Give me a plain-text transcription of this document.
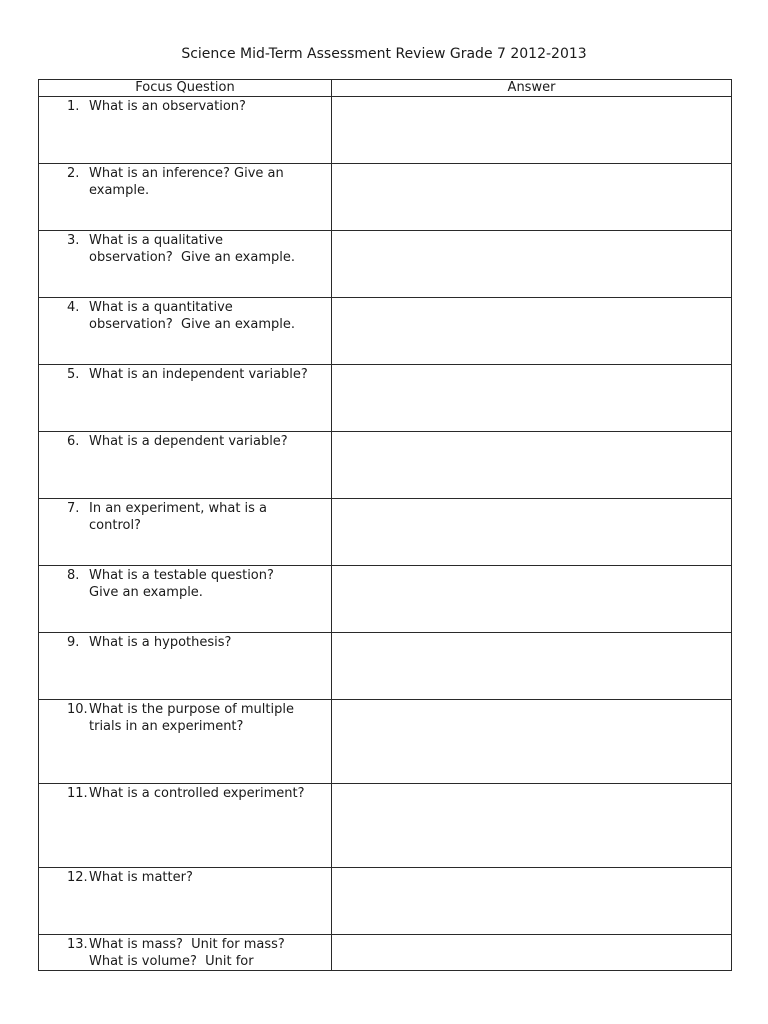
Science Mid-Term Assessment Review Grade 7 2012-2013
Focus Question	Answer

1. What is an observation?	

2. What is an inference? Give an
example.	

3. What is a qualitative
observation?  Give an example.	

4. What is a quantitative
observation?  Give an example.	

5. What is an independent variable?	

6. What is a dependent variable?	

7. In an experiment, what is a
control?	

8. What is a testable question?
Give an example.	

9. What is a hypothesis?	

10. What is the purpose of multiple
trials in an experiment?	

11. What is a controlled experiment?	

12. What is matter?	

13. What is mass?  Unit for mass?
What is volume?  Unit for	
